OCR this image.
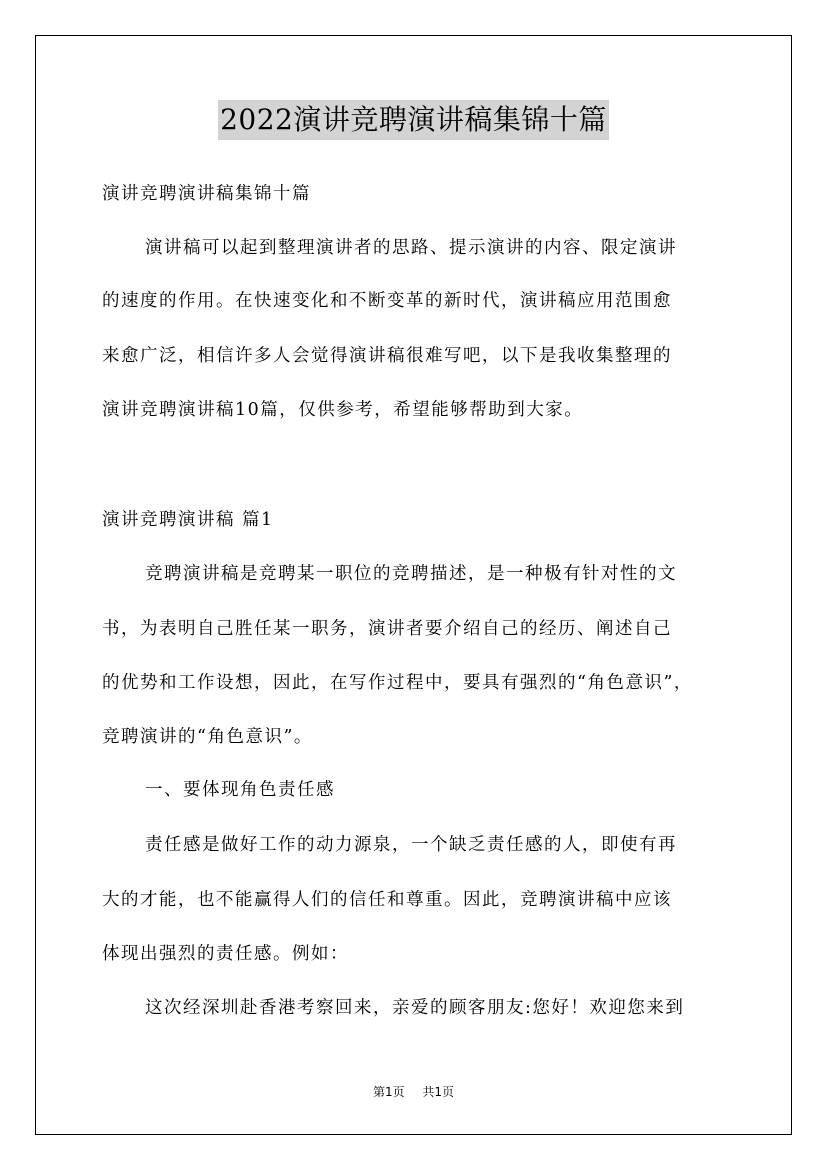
2022演讲竞聘演讲稿集锦十篇
演讲竞聘演讲稿集锦十篇
演讲稿可以起到整理演讲者的思路、提示演讲的内容、限定演讲
的速度的作用。在快速变化和不断变革的新时代，演讲稿应用范围愈
来愈广泛，相信许多人会觉得演讲稿很难写吧，以下是我收集整理的
演讲竞聘演讲稿10篇，仅供参考，希望能够帮助到大家。
演讲竞聘演讲稿 篇1
竞聘演讲稿是竞聘某一职位的竞聘描述，是一种极有针对性的文
书，为表明自己胜任某一职务，演讲者要介绍自己的经历、阐述自己
的优势和工作设想，因此，在写作过程中，要具有强烈的“角色意识”，
竞聘演讲的“角色意识”。
一、要体现角色责任感
责任感是做好工作的动力源泉，一个缺乏责任感的人，即使有再
大的才能，也不能赢得人们的信任和尊重。因此，竞聘演讲稿中应该
体现出强烈的责任感。例如：
这次经深圳赴香港考察回来，亲爱的顾客朋友:您好！欢迎您来到
第1页 共1页
